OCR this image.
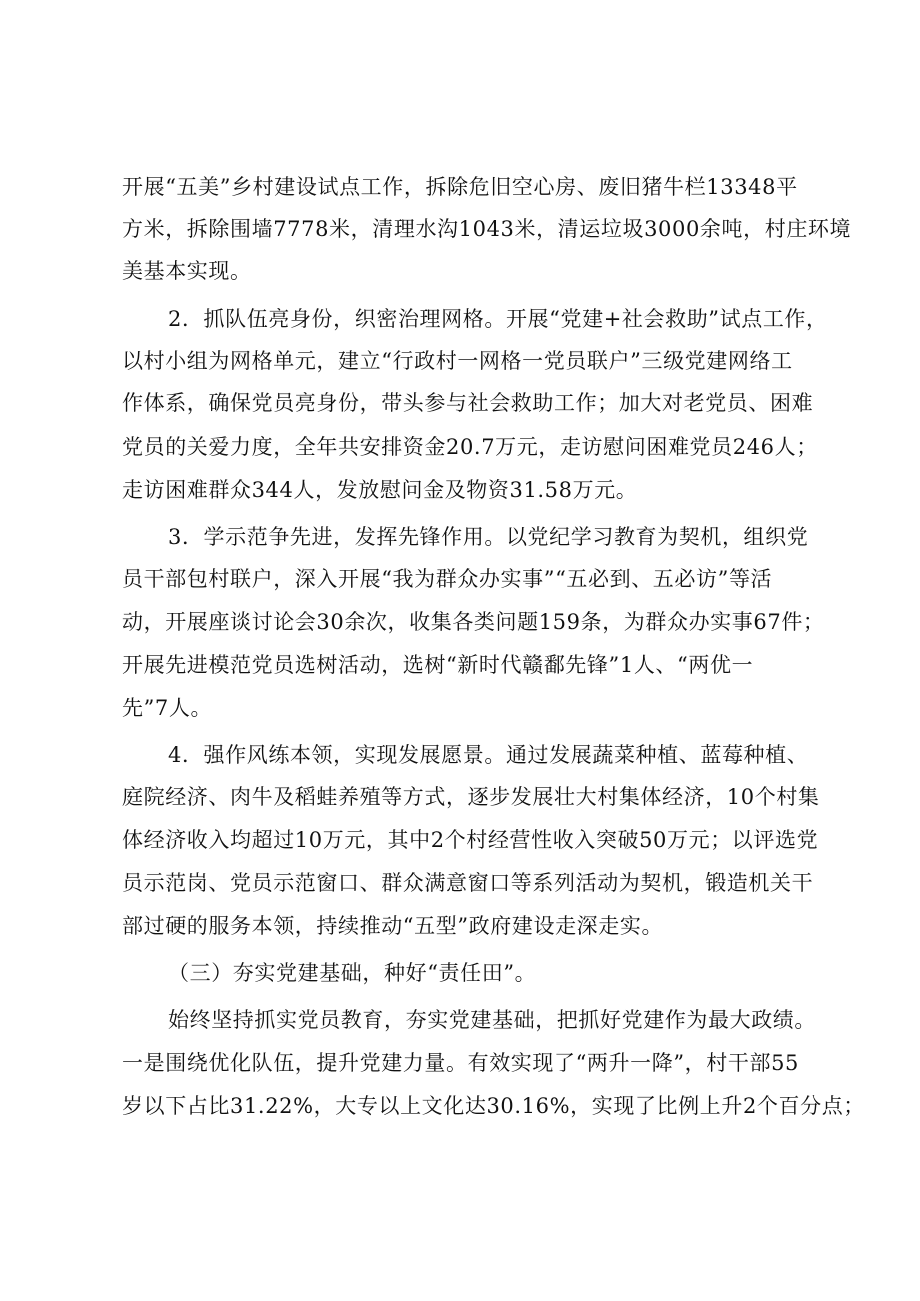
开展“五美”乡村建设试点工作，拆除危旧空心房、废旧猪牛栏13348平
方米，拆除围墙7778米，清理水沟1043米，清运垃圾3000余吨，村庄环境
美基本实现。
2．抓队伍亮身份，织密治理网格。开展“党建+社会救助”试点工作，
以村小组为网格单元，建立“行政村一网格一党员联户”三级党建网络工
作体系，确保党员亮身份，带头参与社会救助工作；加大对老党员、困难
党员的关爱力度，全年共安排资金20.7万元，走访慰问困难党员246人；
走访困难群众344人，发放慰问金及物资31.58万元。
3．学示范争先进，发挥先锋作用。以党纪学习教育为契机，组织党
员干部包村联户，深入开展“我为群众办实事”“五必到、五必访”等活
动，开展座谈讨论会30余次，收集各类问题159条，为群众办实事67件；
开展先进模范党员选树活动，选树“新时代赣鄱先锋”1人、“两优一
先”7人。
4．强作风练本领，实现发展愿景。通过发展蔬菜种植、蓝莓种植、
庭院经济、肉牛及稻蛙养殖等方式，逐步发展壮大村集体经济，10个村集
体经济收入均超过10万元，其中2个村经营性收入突破50万元；以评选党
员示范岗、党员示范窗口、群众满意窗口等系列活动为契机，锻造机关干
部过硬的服务本领，持续推动“五型”政府建设走深走实。
（三）夯实党建基础，种好“责任田”。
始终坚持抓实党员教育，夯实党建基础，把抓好党建作为最大政绩。
一是围绕优化队伍，提升党建力量。有效实现了“两升一降”，村干部55
岁以下占比31.22%，大专以上文化达30.16%，实现了比例上升2个百分点；
